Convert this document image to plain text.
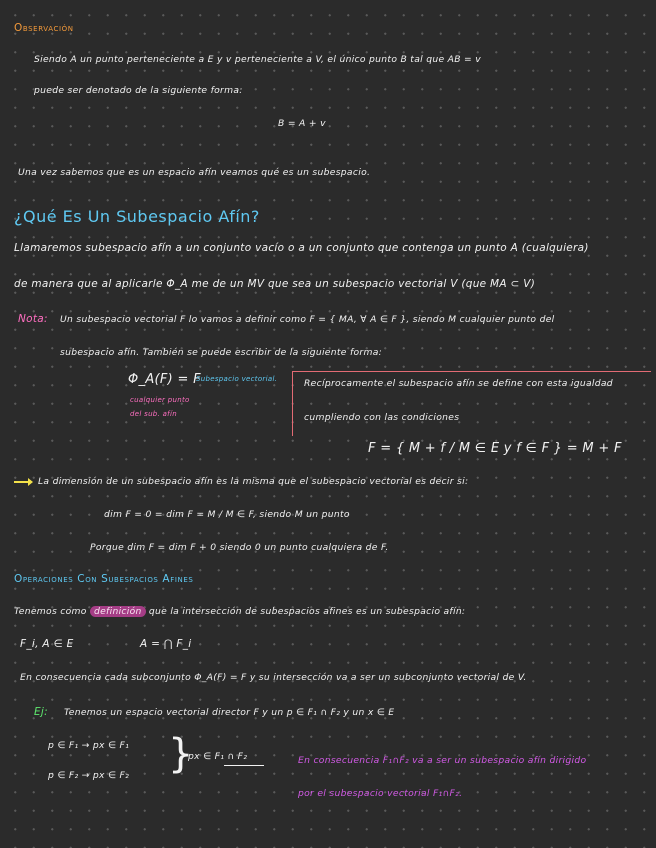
Observación
Siendo A un punto perteneciente a E y v perteneciente a V, el único punto B tal que AB = v
puede ser denotado de la siguiente forma:
B = A + v
Una vez sabemos que es un espacio afín veamos qué es un subespacio.
¿Qué Es Un Subespacio Afín?
Llamaremos subespacio afín a un conjunto vacío o a un conjunto que contenga un punto A (cualquiera)
de manera que al aplicarle Φ_A me de un MV que sea un subespacio vectorial V (que MA ⊂ V)
Nota: Un subespacio vectorial F lo vamos a definir como F = { MA, ∀ A ∈ F }, siendo M cualquier punto del
subespacio afín. También se puede escribir de la siguiente forma:
Φ_A(F) = F
Subespacio vectorial.
cualquier punto
del sub. afín
Recíprocamente el subespacio afín se define con esta igualdad
cumpliendo con las condiciones
F = { M + f / M ∈ E y f ∈ F } = M + F
La dimensión de un subespacio afín es la misma que el subespacio vectorial es decir si:
dim F = 0 = dim F = M / M ∈ F, siendo M un punto
Porque dim F = dim F + 0 siendo 0 un punto cualquiera de F.
Operaciones Con Subespacios Afines
Tenemos como definición que la intersección de subespacios afines es un subespacio afín:
F_i, A ∈ E	A = ⋂ F_i
En consecuencia cada subconjunto Φ_A(F) = F y su intersección va a ser un subconjunto vectorial de V.
Ej: Tenemos un espacio vectorial director F y un p ∈ F₁ ∩ F₂ y un x ∈ E
p ∈ F₁ → px ∈ F₁
p ∈ F₂ → px ∈ F₂ }
px ∈ F₁ ∩ F₂	En consecuencia F₁∩F₂ va a ser un subespacio afín dirigido
por el subespacio vectorial F₁∩F₂.
